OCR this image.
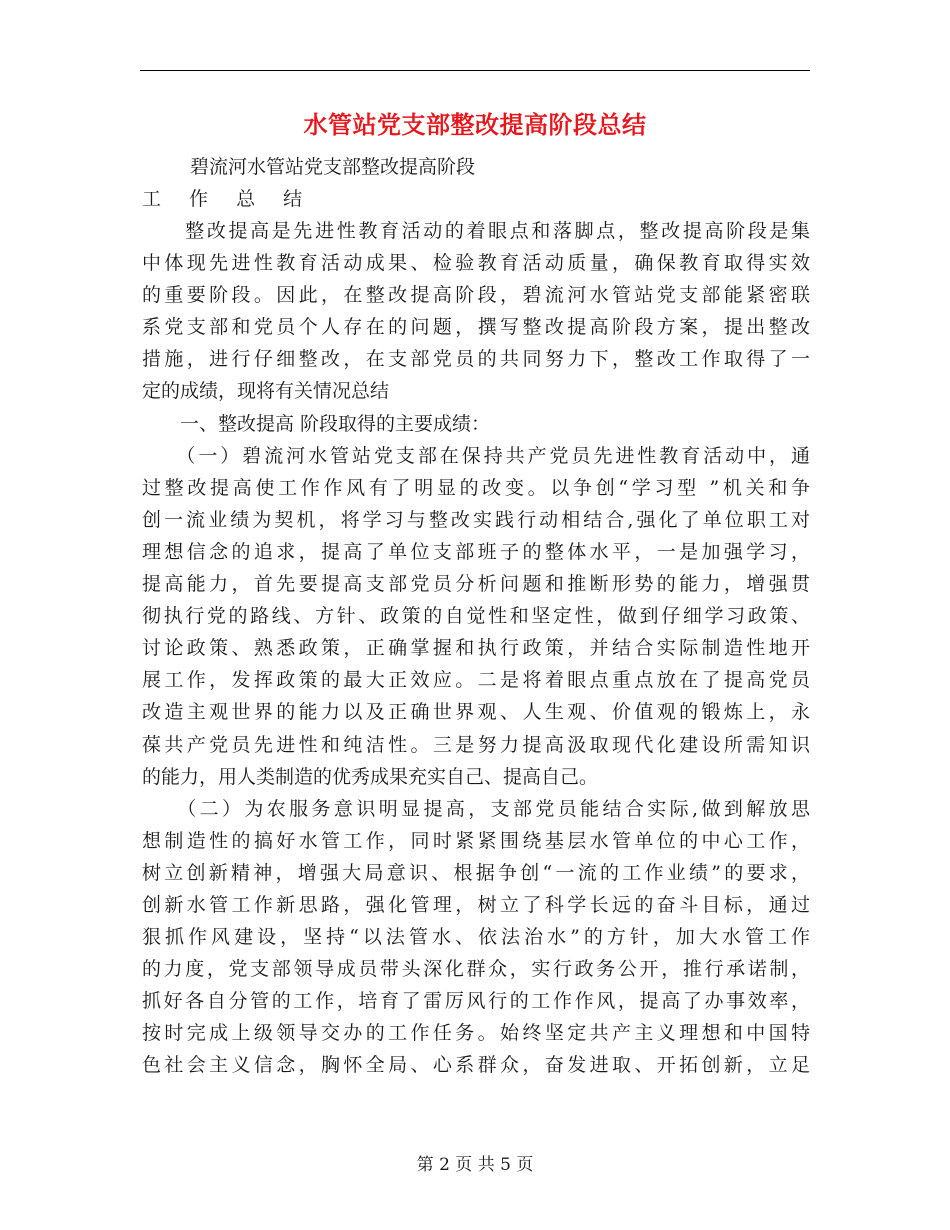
水管站党支部整改提高阶段总结
碧流河水管站党支部整改提高阶段
工 作 总 结
　　整改提高是先进性教育活动的着眼点和落脚点，整改提高阶段是集
中体现先进性教育活动成果、检验教育活动质量，确保教育取得实效
的重要阶段。因此，在整改提高阶段，碧流河水管站党支部能紧密联
系党支部和党员个人存在的问题，撰写整改提高阶段方案，提出整改
措施，进行仔细整改，在支部党员的共同努力下，整改工作取得了一
定的成绩，现将有关情况总结
　　一、整改提高 阶段取得的主要成绩：
　　（一）碧流河水管站党支部在保持共产党员先进性教育活动中，通
过整改提高使工作作风有了明显的改变。以争创“学习型 ”机关和争
创一流业绩为契机，将学习与整改实践行动相结合,强化了单位职工对
理想信念的追求，提高了单位支部班子的整体水平，一是加强学习，
提高能力，首先要提高支部党员分析问题和推断形势的能力，增强贯
彻执行党的路线、方针、政策的自觉性和坚定性，做到仔细学习政策、
讨论政策、熟悉政策，正确掌握和执行政策，并结合实际制造性地开
展工作，发挥政策的最大正效应。二是将着眼点重点放在了提高党员
改造主观世界的能力以及正确世界观、人生观、价值观的锻炼上，永
葆共产党员先进性和纯洁性。三是努力提高汲取现代化建设所需知识
的能力，用人类制造的优秀成果充实自己、提高自己。
　　（二）为农服务意识明显提高，支部党员能结合实际,做到解放思
想制造性的搞好水管工作，同时紧紧围绕基层水管单位的中心工作，
树立创新精神，增强大局意识、根据争创“一流的工作业绩”的要求，
创新水管工作新思路，强化管理，树立了科学长远的奋斗目标，通过
狠抓作风建设，坚持“以法管水、依法治水”的方针，加大水管工作
的力度，党支部领导成员带头深化群众，实行政务公开，推行承诺制，
抓好各自分管的工作，培育了雷厉风行的工作作风，提高了办事效率，
按时完成上级领导交办的工作任务。始终坚定共产主义理想和中国特
色社会主义信念，胸怀全局、心系群众，奋发进取、开拓创新，立足
第 2 页 共 5 页
